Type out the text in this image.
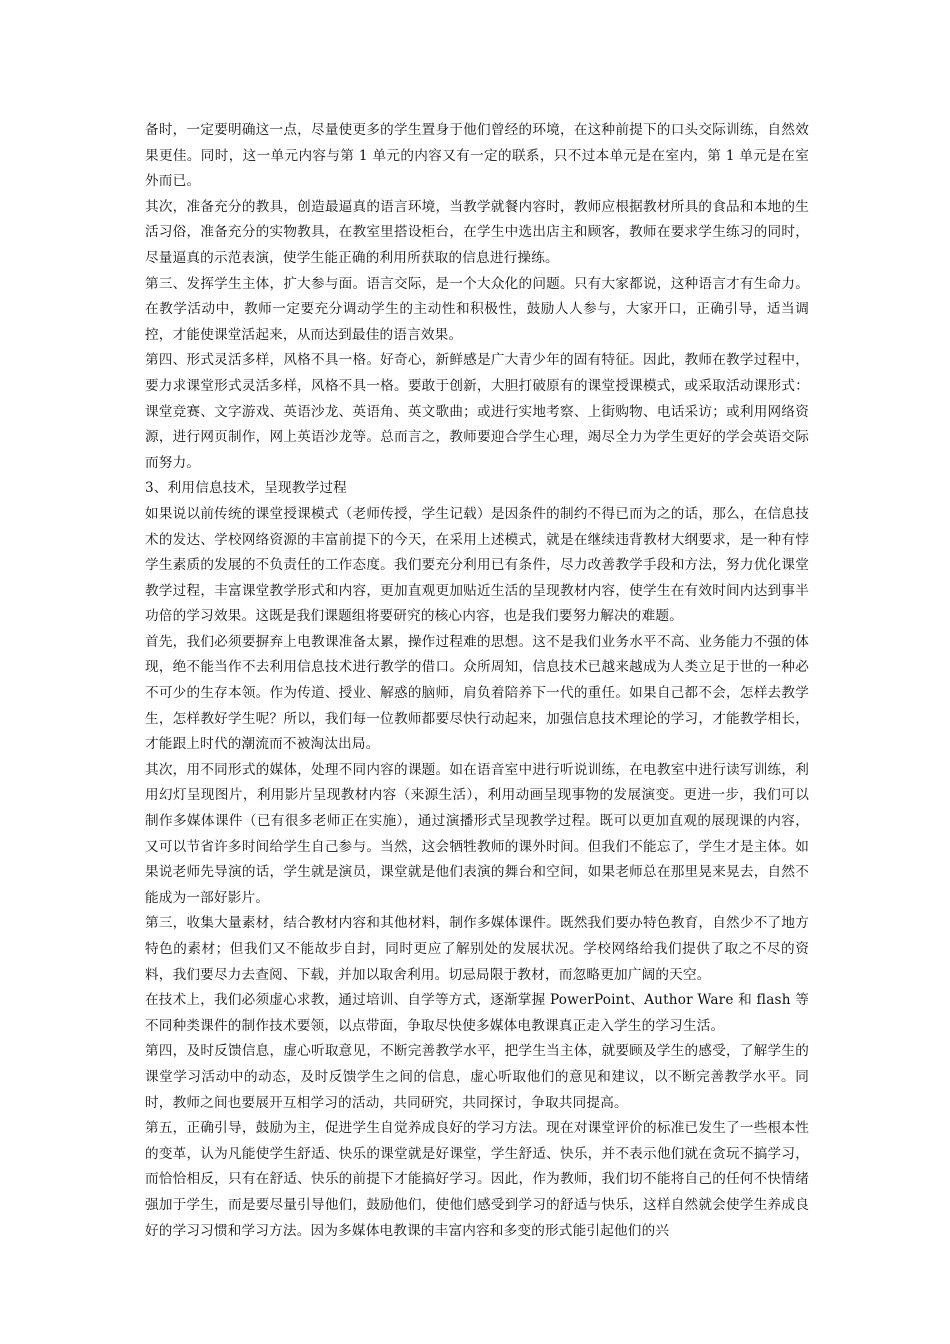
备时，一定要明确这一点，尽量使更多的学生置身于他们曾经的环境，在这种前提下的口头交际训练，自然效果更佳。同时，这一单元内容与第 1 单元的内容又有一定的联系，只不过本单元是在室内，第 1 单元是在室外而已。

其次，准备充分的教具，创造最逼真的语言环境，当教学就餐内容时，教师应根据教材所具的食品和本地的生活习俗，准备充分的实物教具，在教室里搭设柜台，在学生中选出店主和顾客，教师在要求学生练习的同时，尽量逼真的示范表演，使学生能正确的利用所获取的信息进行操练。

第三、发挥学生主体，扩大参与面。语言交际，是一个大众化的问题。只有大家都说，这种语言才有生命力。在教学活动中，教师一定要充分调动学生的主动性和积极性，鼓励人人参与，大家开口，正确引导，适当调控，才能使课堂活起来，从而达到最佳的语言效果。

第四、形式灵活多样，风格不具一格。好奇心，新鲜感是广大青少年的固有特征。因此，教师在教学过程中，要力求课堂形式灵活多样，风格不具一格。要敢于创新，大胆打破原有的课堂授课模式，或采取活动课形式：课堂竞赛、文字游戏、英语沙龙、英语角、英文歌曲；或进行实地考察、上街购物、电话采访；或利用网络资源，进行网页制作，网上英语沙龙等。总而言之，教师要迎合学生心理，竭尽全力为学生更好的学会英语交际而努力。

3、利用信息技术，呈现教学过程

如果说以前传统的课堂授课模式（老师传授，学生记载）是因条件的制约不得已而为之的话，那么，在信息技术的发达、学校网络资源的丰富前提下的今天，在采用上述模式，就是在继续违背教材大纲要求，是一种有悖学生素质的发展的不负责任的工作态度。我们要充分利用已有条件，尽力改善教学手段和方法，努力优化课堂教学过程，丰富课堂教学形式和内容，更加直观更加贴近生活的呈现教材内容，使学生在有效时间内达到事半功倍的学习效果。这既是我们课题组将要研究的核心内容，也是我们要努力解决的难题。

首先，我们必须要摒弃上电教课准备太累，操作过程难的思想。这不是我们业务水平不高、业务能力不强的体现，绝不能当作不去利用信息技术进行教学的借口。众所周知，信息技术已越来越成为人类立足于世的一种必不可少的生存本领。作为传道、授业、解惑的脑师，肩负着陪养下一代的重任。如果自己都不会，怎样去教学生，怎样教好学生呢？所以，我们每一位教师都要尽快行动起来，加强信息技术理论的学习，才能教学相长，才能跟上时代的潮流而不被淘汰出局。

其次，用不同形式的媒体，处理不同内容的课题。如在语音室中进行听说训练，在电教室中进行读写训练，利用幻灯呈现图片，利用影片呈现教材内容（来源生活），利用动画呈现事物的发展演变。更进一步，我们可以制作多媒体课件（已有很多老师正在实施），通过演播形式呈现教学过程。既可以更加直观的展现课的内容，又可以节省许多时间给学生自己参与。当然，这会牺牲教师的课外时间。但我们不能忘了，学生才是主体。如果说老师先导演的话，学生就是演员，课堂就是他们表演的舞台和空间，如果老师总在那里晃来晃去，自然不能成为一部好影片。

第三，收集大量素材，结合教材内容和其他材料，制作多媒体课件。既然我们要办特色教育，自然少不了地方特色的素材；但我们又不能故步自封，同时更应了解别处的发展状况。学校网络给我们提供了取之不尽的资料，我们要尽力去查阅、下载，并加以取舍利用。切忌局限于教材，而忽略更加广阔的天空。

在技术上，我们必须虚心求教，通过培训、自学等方式，逐渐掌握 PowerPoint、Author Ware 和 flash 等不同种类课件的制作技术要领，以点带面，争取尽快使多媒体电教课真正走入学生的学习生活。

第四，及时反馈信息，虚心听取意见，不断完善教学水平，把学生当主体，就要顾及学生的感受，了解学生的课堂学习活动中的动态，及时反馈学生之间的信息，虚心听取他们的意见和建议，以不断完善教学水平。同时，教师之间也要展开互相学习的活动，共同研究，共同探讨，争取共同提高。

第五，正确引导，鼓励为主，促进学生自觉养成良好的学习方法。现在对课堂评价的标准已发生了一些根本性的变革，认为凡能使学生舒适、快乐的课堂就是好课堂，学生舒适、快乐，并不表示他们就在贪玩不搞学习，而恰恰相反，只有在舒适、快乐的前提下才能搞好学习。因此，作为教师，我们切不能将自己的任何不快情绪强加于学生，而是要尽量引导他们，鼓励他们，使他们感受到学习的舒适与快乐，这样自然就会使学生养成良好的学习习惯和学习方法。因为多媒体电教课的丰富内容和多变的形式能引起他们的兴
